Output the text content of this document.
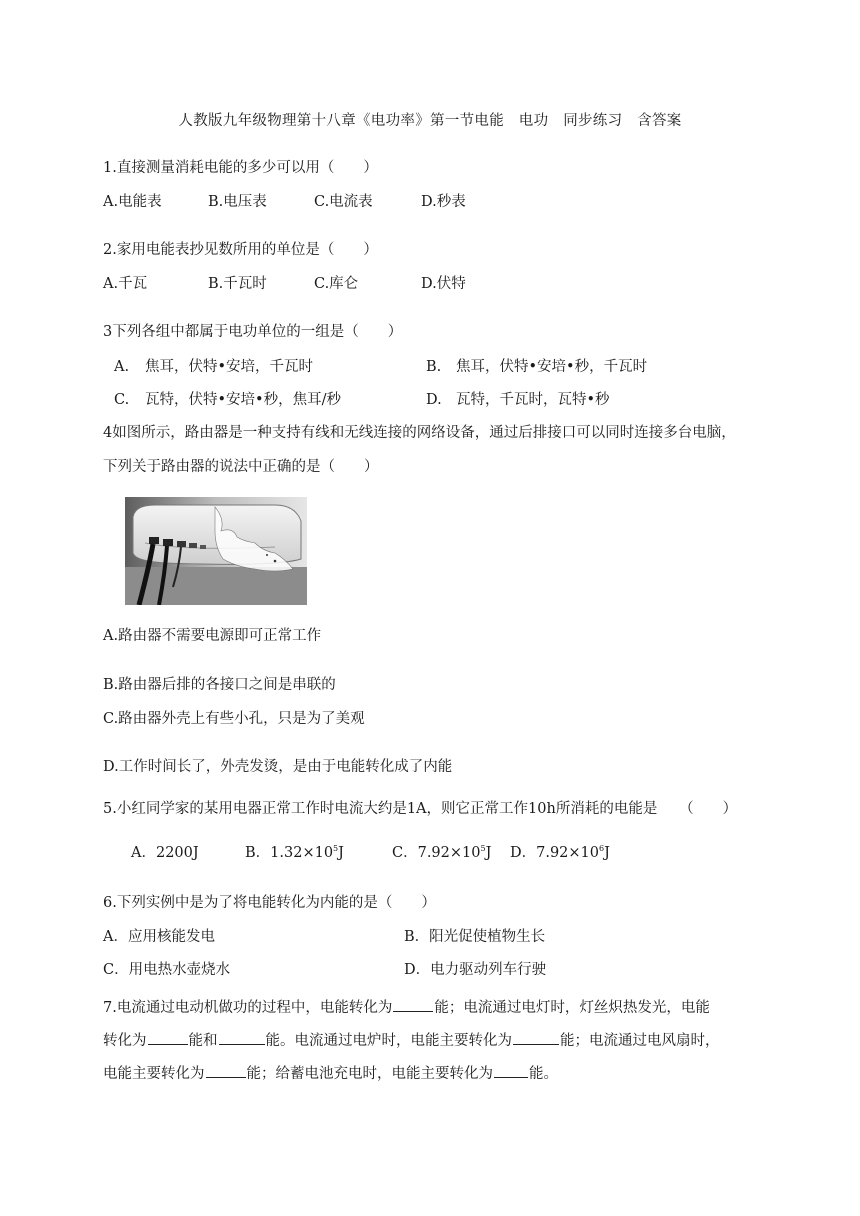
人教版九年级物理第十八章《电功率》第一节电能　电功　同步练习　含答案
1.直接测量消耗电能的多少可以用（　　）
A.电能表	B.电压表	C.电流表	D.秒表
2.家用电能表抄见数所用的单位是（　　）
A.千瓦	B.千瓦时	C.库仑	D.伏特
3下列各组中都属于电功单位的一组是（　　）
A. 焦耳，伏特•安培，千瓦时	B. 焦耳，伏特•安培•秒，千瓦时
C. 瓦特，伏特•安培•秒，焦耳/秒	D. 瓦特，千瓦时，瓦特•秒
4如图所示，路由器是一种支持有线和无线连接的网络设备，通过后排接口可以同时连接多台电脑，
下列关于路由器的说法中正确的是（　　）
A.路由器不需要电源即可正常工作
B.路由器后排的各接口之间是串联的
C.路由器外壳上有些小孔，只是为了美观
D.工作时间长了，外壳发烫，是由于电能转化成了内能
5.小红同学家的某用电器正常工作时电流大约是1A，则它正常工作10h所消耗的电能是　　（　　）
A．2200J	B．$1.32\times 10^5J$	C．$7.92\times 10^5J$ D．$7.92\times 10^6J$
6.下列实例中是为了将电能转化为内能的是（　　）
A．应用核能发电	B．阳光促使植物生长
C．用电热水壶烧水	D．电力驱动列车行驶
7.电流通过电动机做功的过程中，电能转化为	能；电流通过电灯时，灯丝炽热发光，电能
转化为	能和	能。电流通过电炉时，电能主要转化为	能；电流通过电风扇时，
电能主要转化为	能；给蓄电池充电时，电能主要转化为 能。
